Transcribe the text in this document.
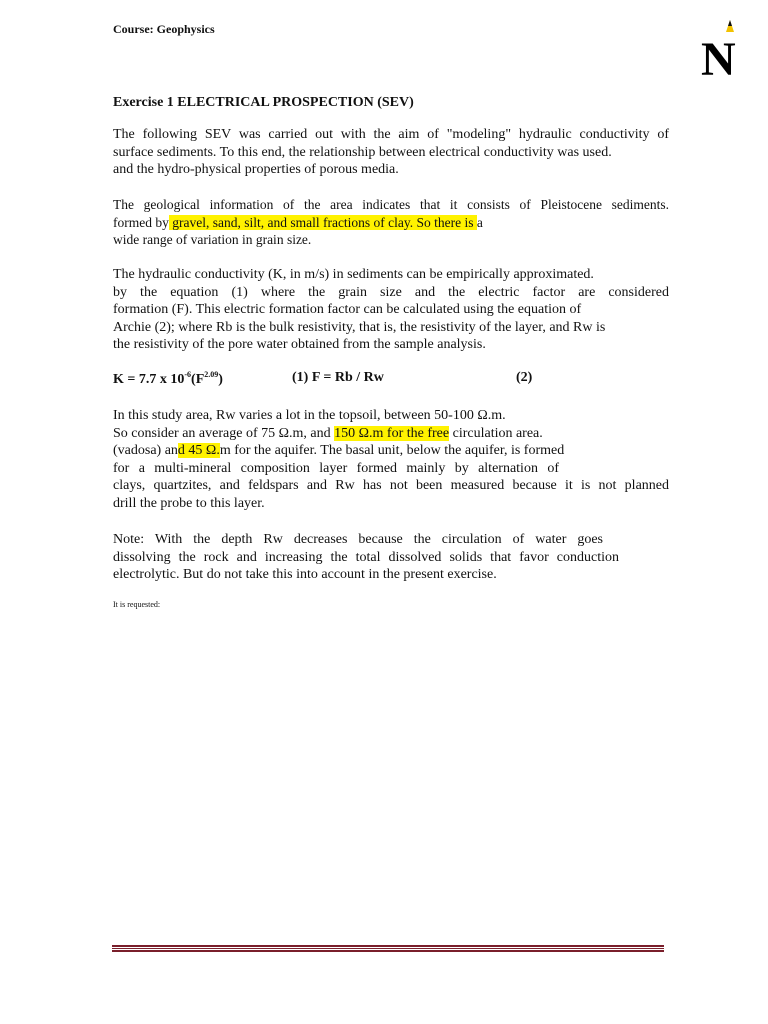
Course: Geophysics
N
Exercise 1 ELECTRICAL PROSPECTION (SEV)
The following SEV was carried out with the aim of "modeling" hydraulic conductivity of
surface sediments. To this end, the relationship between electrical conductivity was used.
and the hydro-physical properties of porous media.
The geological information of the area indicates that it consists of Pleistocene sediments.
formed by gravel, sand, silt, and small fractions of clay. So there is a
wide range of variation in grain size.
The hydraulic conductivity (K, in m/s) in sediments can be empirically approximated.
by the equation (1) where the grain size and the electric factor are considered
formation (F). This electric formation factor can be calculated using the equation of
Archie (2); where Rb is the bulk resistivity, that is, the resistivity of the layer, and Rw is
the resistivity of the pore water obtained from the sample analysis.
K = 7.7 x $10^{-6}(F^{2.09})$	(1) F = Rb / Rw	(2)
In this study area, Rw varies a lot in the topsoil, between 50-100 Ω.m.
So consider an average of 75 Ω.m, and 150 Ω.m for the free circulation area.
(vadosa) and 45 Ω.m for the aquifer. The basal unit, below the aquifer, is formed
for a multi-mineral composition layer formed mainly by alternation of
clays, quartzites, and feldspars and Rw has not been measured because it is not planned
drill the probe to this layer.
Note: With the depth Rw decreases because the circulation of water goes
dissolving the rock and increasing the total dissolved solids that favor conduction
electrolytic. But do not take this into account in the present exercise.
It is requested:
